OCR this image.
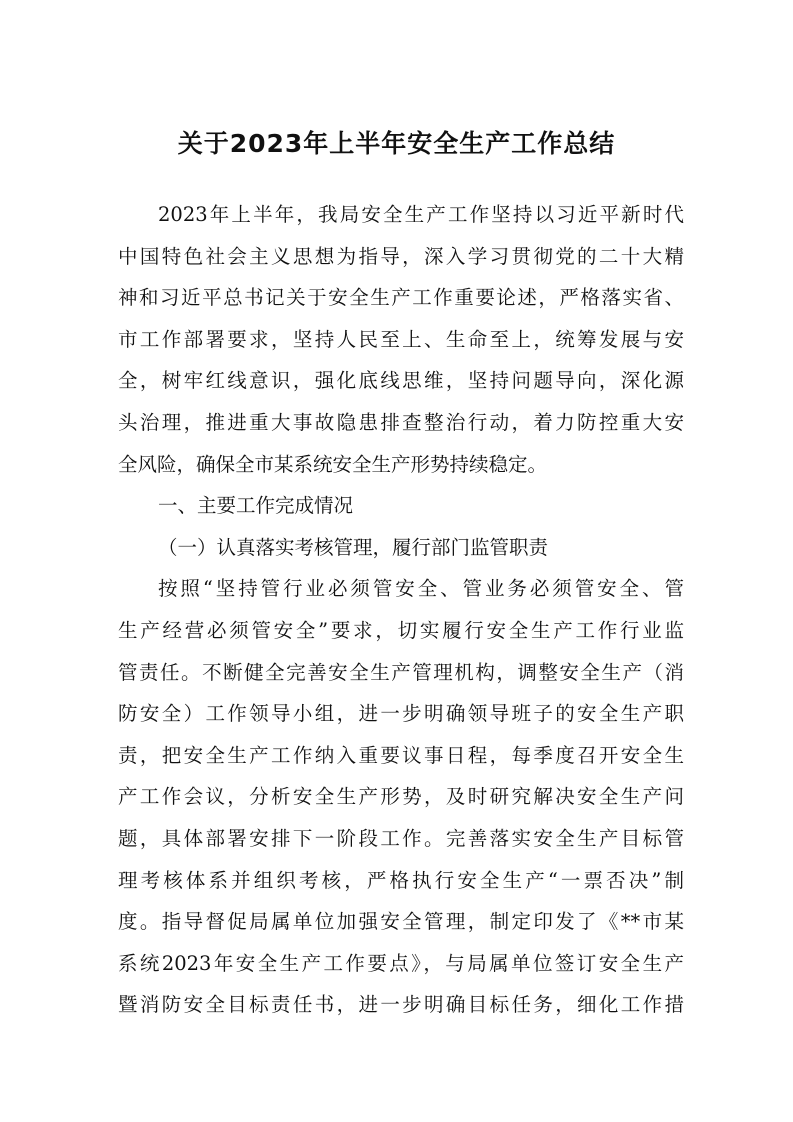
关于2023年上半年安全生产工作总结
2023年上半年，我局安全生产工作坚持以习近平新时代
中国特色社会主义思想为指导，深入学习贯彻党的二十大精
神和习近平总书记关于安全生产工作重要论述，严格落实省、
市工作部署要求，坚持人民至上、生命至上，统筹发展与安
全，树牢红线意识，强化底线思维，坚持问题导向，深化源
头治理，推进重大事故隐患排查整治行动，着力防控重大安
全风险，确保全市某系统安全生产形势持续稳定。
一、主要工作完成情况
（一）认真落实考核管理，履行部门监管职责
按照“坚持管行业必须管安全、管业务必须管安全、管
生产经营必须管安全”要求，切实履行安全生产工作行业监
管责任。不断健全完善安全生产管理机构，调整安全生产（消
防安全）工作领导小组，进一步明确领导班子的安全生产职
责，把安全生产工作纳入重要议事日程，每季度召开安全生
产工作会议，分析安全生产形势，及时研究解决安全生产问
题，具体部署安排下一阶段工作。完善落实安全生产目标管
理考核体系并组织考核，严格执行安全生产“一票否决”制
度。指导督促局属单位加强安全管理，制定印发了《**市某
系统2023年安全生产工作要点》，与局属单位签订安全生产
暨消防安全目标责任书，进一步明确目标任务，细化工作措
